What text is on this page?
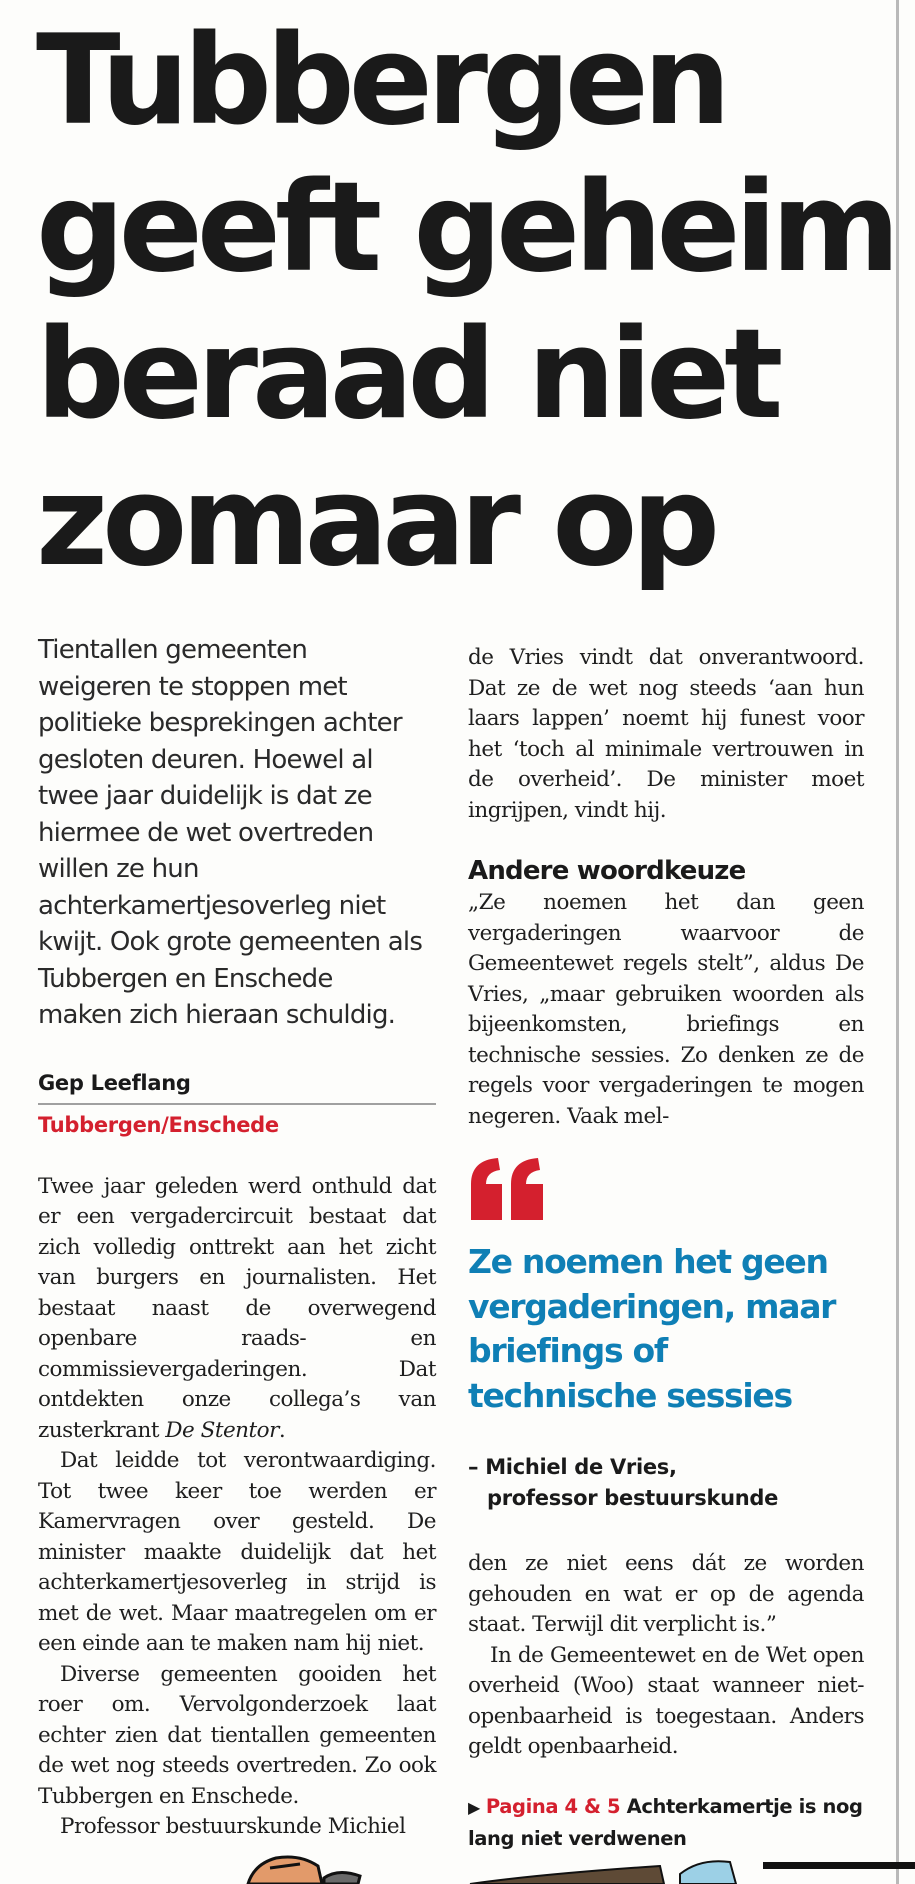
Tubbergen
geeft geheim
beraad niet
zomaar op
Tientallen gemeenten
weigeren te stoppen met
politieke besprekingen achter
gesloten deuren. Hoewel al
twee jaar duidelijk is dat ze
hiermee de wet overtreden
willen ze hun
achterkamertjesoverleg niet
kwijt. Ook grote gemeenten als
Tubbergen en Enschede
maken zich hieraan schuldig.
Gep Leeflang
Tubbergen/Enschede

Twee jaar geleden werd onthuld dat er een vergadercircuit bestaat dat zich volledig onttrekt aan het zicht van burgers en journalisten. Het bestaat naast de overwegend openbare raads- en commissievergaderingen. Dat ontdekten onze collega’s van zusterkrant De Stentor.

Dat leidde tot verontwaardiging. Tot twee keer toe werden er Kamervragen over gesteld. De minister maakte duidelijk dat het achterkamertjesoverleg in strijd is met de wet. Maar maatregelen om er een einde aan te maken nam hij niet.

Diverse gemeenten gooiden het roer om. Vervolgonderzoek laat echter zien dat tientallen gemeenten de wet nog steeds overtreden. Zo ook Tubbergen en Enschede.

Professor bestuurskunde Michiel

de Vries vindt dat onverantwoord. Dat ze de wet nog steeds ‘aan hun laars lappen’ noemt hij funest voor het ‘toch al minimale vertrouwen in de overheid’. De minister moet ingrijpen, vindt hij.

Andere woordkeuze

„Ze noemen het dan geen vergaderingen waarvoor de Gemeentewet regels stelt”, aldus De Vries, „maar gebruiken woorden als bijeenkomsten, briefings en technische sessies. Zo denken ze de regels voor vergaderingen te mogen negeren. Vaak mel-

Ze noemen het geen
vergaderingen, maar
briefings of
technische sessies
– Michiel de Vries,
professor bestuurskunde

den ze niet eens dát ze worden gehouden en wat er op de agenda staat. Terwijl dit verplicht is.”

In de Gemeentewet en de Wet open overheid (Woo) staat wanneer niet-openbaarheid is toegestaan. Anders geldt openbaarheid.

▶ Pagina 4 & 5 Achterkamertje is nog lang niet verdwenen
